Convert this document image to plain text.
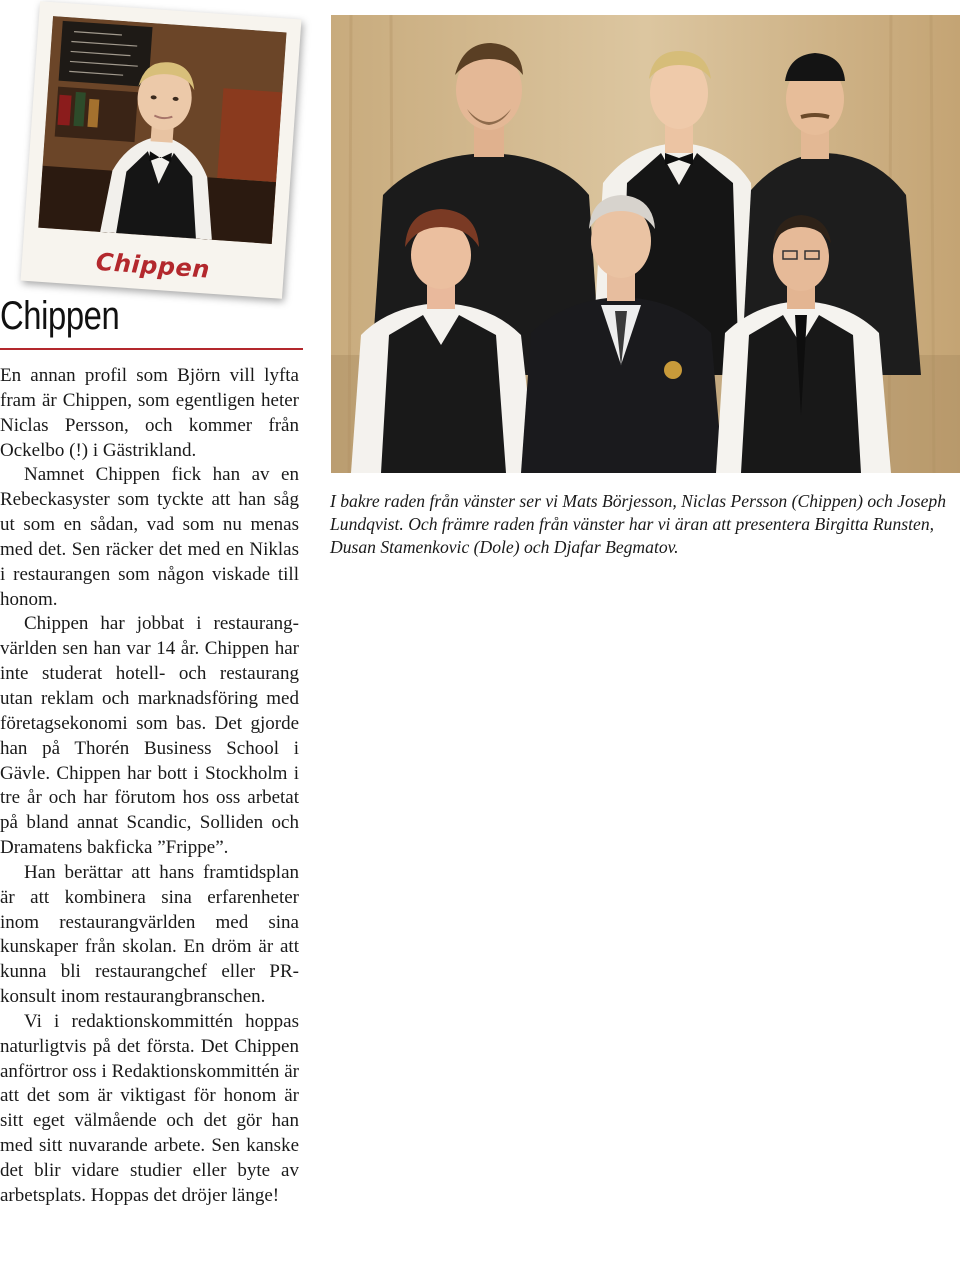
Chippen
Chippen

En annan profil som Björn vill lyfta fram är Chippen, som egentligen heter Niclas Persson, och kommer från Ockelbo (!) i Gästrikland.

Namnet Chippen fick han av en Rebeckasyster som tyckte att han såg ut som en sådan, vad som nu menas med det. Sen räcker det med en Niklas i restaurangen som någon viskade till honom.

Chippen har jobbat i restaurangvärlden sen han var 14 år. Chippen har inte studerat hotell- och restaurang utan reklam och marknadsföring med företagsekonomi som bas. Det gjorde han på Thorén Business School i Gävle. Chippen har bott i Stockholm i tre år och har förutom hos oss arbetat på bland annat Scandic, Solliden och Dramatens bakficka ”Frippe”.

Han berättar att hans framtidsplan är att kombinera sina erfarenheter inom restaurangvärlden med sina kunskaper från skolan. En dröm är att kunna bli restaurangchef eller PR-konsult inom restaurangbranschen.

Vi i redaktionskommittén hoppas naturligtvis på det första. Det Chippen anförtror oss i Redaktionskommittén är att det som är viktigast för honom är sitt eget välmående och det gör han med sitt nuvarande arbete. Sen kanske det blir vidare studier eller byte av arbetsplats. Hoppas det dröjer länge!

I bakre raden från vänster ser vi Mats Börjesson, Niclas Persson (Chippen) och Joseph Lundqvist. Och främre raden från vänster har vi äran att presentera Birgitta Runsten, Dusan Stamenkovic (Dole) och Djafar Begmatov.
